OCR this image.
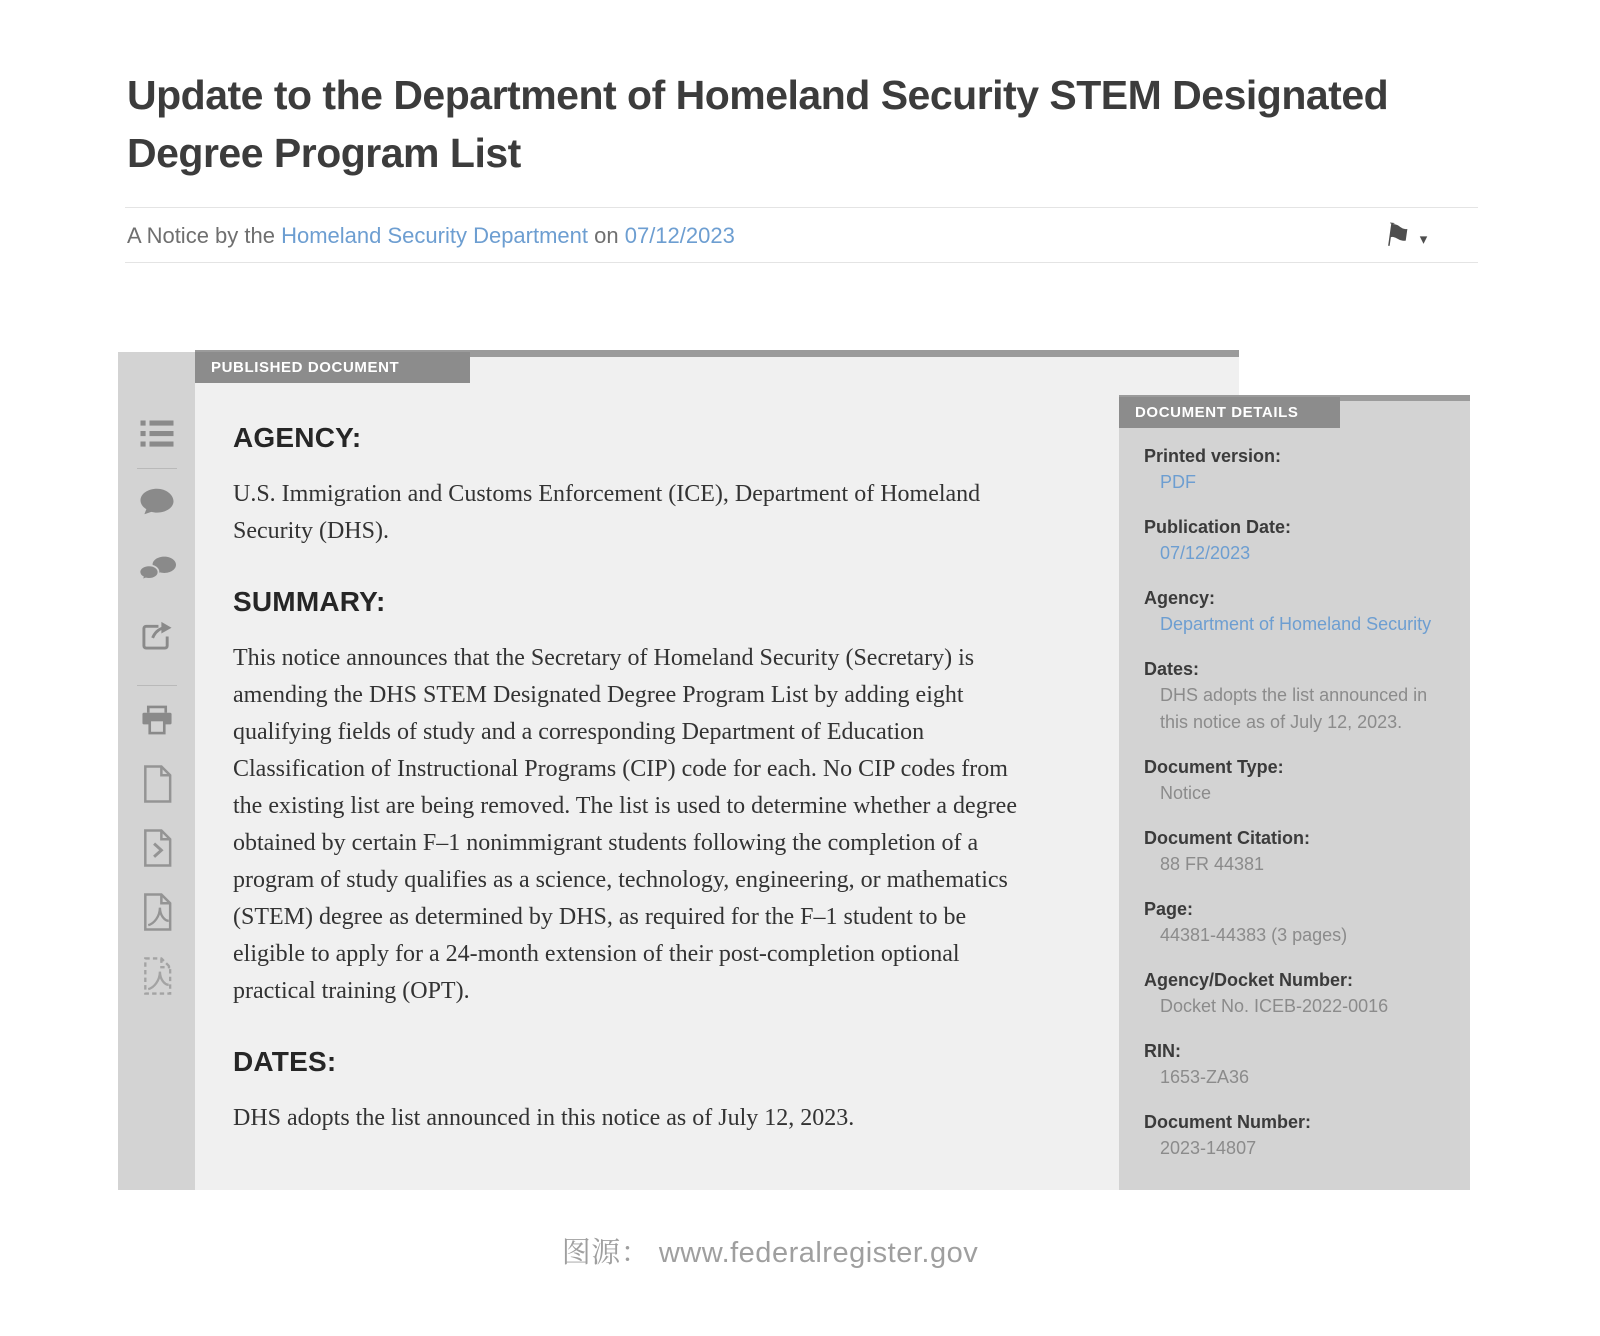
Update to the Department of Homeland Security STEM Designated Degree Program List
A Notice by the Homeland Security Department on 07/12/2023	⚑ ▾
PUBLISHED DOCUMENT
AGENCY:
U.S. Immigration and Customs Enforcement (ICE), Department of Homeland Security (DHS).
SUMMARY:
This notice announces that the Secretary of Homeland Security (Secretary) is amending the DHS STEM Designated Degree Program List by adding eight qualifying fields of study and a corresponding Department of Education Classification of Instructional Programs (CIP) code for each. No CIP codes from the existing list are being removed. The list is used to determine whether a degree obtained by certain F–1 nonimmigrant students following the completion of a program of study qualifies as a science, technology, engineering, or mathematics (STEM) degree as determined by DHS, as required for the F–1 student to be eligible to apply for a 24-month extension of their post-completion optional practical training (OPT).
DATES:
DHS adopts the list announced in this notice as of July 12, 2023.
DOCUMENT DETAILS
Printed version:
PDF
Publication Date:
07/12/2023
Agency:
Department of Homeland Security
Dates:
DHS adopts the list announced in this notice as of July 12, 2023.
Document Type:
Notice
Document Citation:
88 FR 44381
Page:
44381-44383 (3 pages)
Agency/Docket Number:
Docket No. ICEB-2022-0016
RIN:
1653-ZA36
Document Number:
2023-14807
图源： www.federalregister.gov
